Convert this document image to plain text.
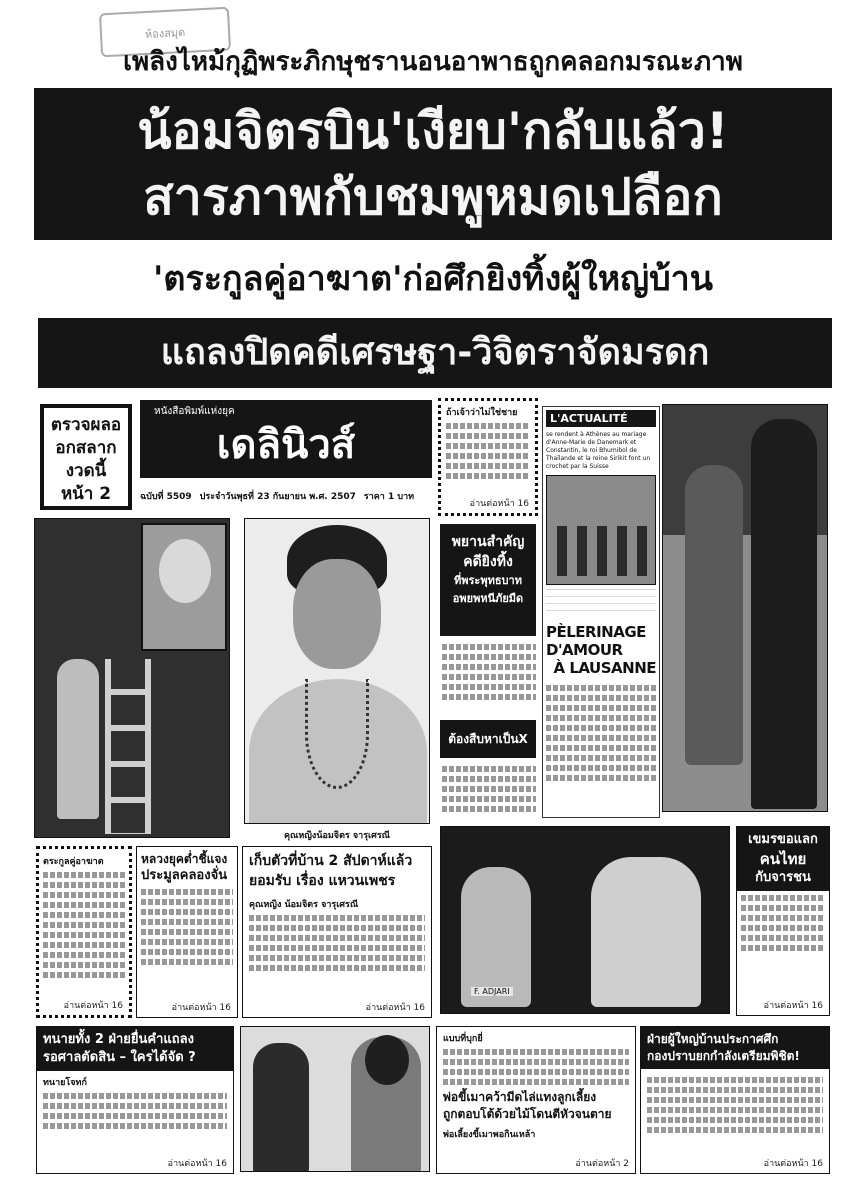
ห้องสมุด
เพลิงไหม้กุฏิพระภิกษุชรานอนอาพาธถูกคลอกมรณะภาพ
น้อมจิตรบิน'เงียบ'กลับแล้ว!
สารภาพกับชมพูหมดเปลือก
'ตระกูลคู่อาฆาต'ก่อศึกยิงทิ้งผู้ใหญ่บ้าน
แถลงปิดคดีเศรษฐา-วิจิตราจัดมรดก
ตรวจผลออกสลากงวดนี้ หน้า 2
หนังสือพิมพ์แห่งยุค
เดลินิวส์
ฉบับที่ 5509 ประจำวันพุธที่ 23 กันยายน พ.ศ. 2507 ราคา 1 บาท
ถ้าเจ้าว่าไม่ใช่ชาย
อ่านต่อหน้า 16
คุณหญิงน้อมจิตร จารุเศรณี
พยานสำคัญ
คดียิงทิ้ง
ที่พระพุทธบาท
อพยพหนีภัยมืด
ต้องสืบหาเป็นX
L'ACTUALITÉ
se rendent à Athènes au mariage d'Anne-Marie de Danemark et Constantin, le roi Bhumibol de Thaïlande et la reine Sirikit font un crochet par la Suisse
PÈLERINAGE
D'AMOUR
À LAUSANNE
ตระกูลคู่อาฆาต
อ่านต่อหน้า 16
หลวงยุคต่ำชี้แจง
ประมูลคลองจั่น
อ่านต่อหน้า 16
เก็บตัวที่บ้าน 2 สัปดาห์แล้ว
ยอมรับ เรื่อง แหวนเพชร
คุณหญิง น้อมจิตร จารุเศรณี
อ่านต่อหน้า 16
F. ADJARI
เขมรขอแลก
คนไทย
กับจารชน
อ่านต่อหน้า 16
ทนายทั้ง 2 ฝ่ายยื่นคำแถลง
รอศาลตัดสิน – ใครได้จัด ?
ทนายโจทก์
อ่านต่อหน้า 16
แบบที่บุกยี่
พ่อขี้เมาคว้ามีดไล่แทงลูกเลี้ยง
ถูกตอบโต้ด้วยไม้โดนตีหัวจนตาย
พ่อเลี้ยงขี้เมาพอกินเหล้า
อ่านต่อหน้า 2
ฝ่ายผู้ใหญ่บ้านประกาศศึก
กองปราบยกกำลังเตรียมพิชิต!
อ่านต่อหน้า 16
